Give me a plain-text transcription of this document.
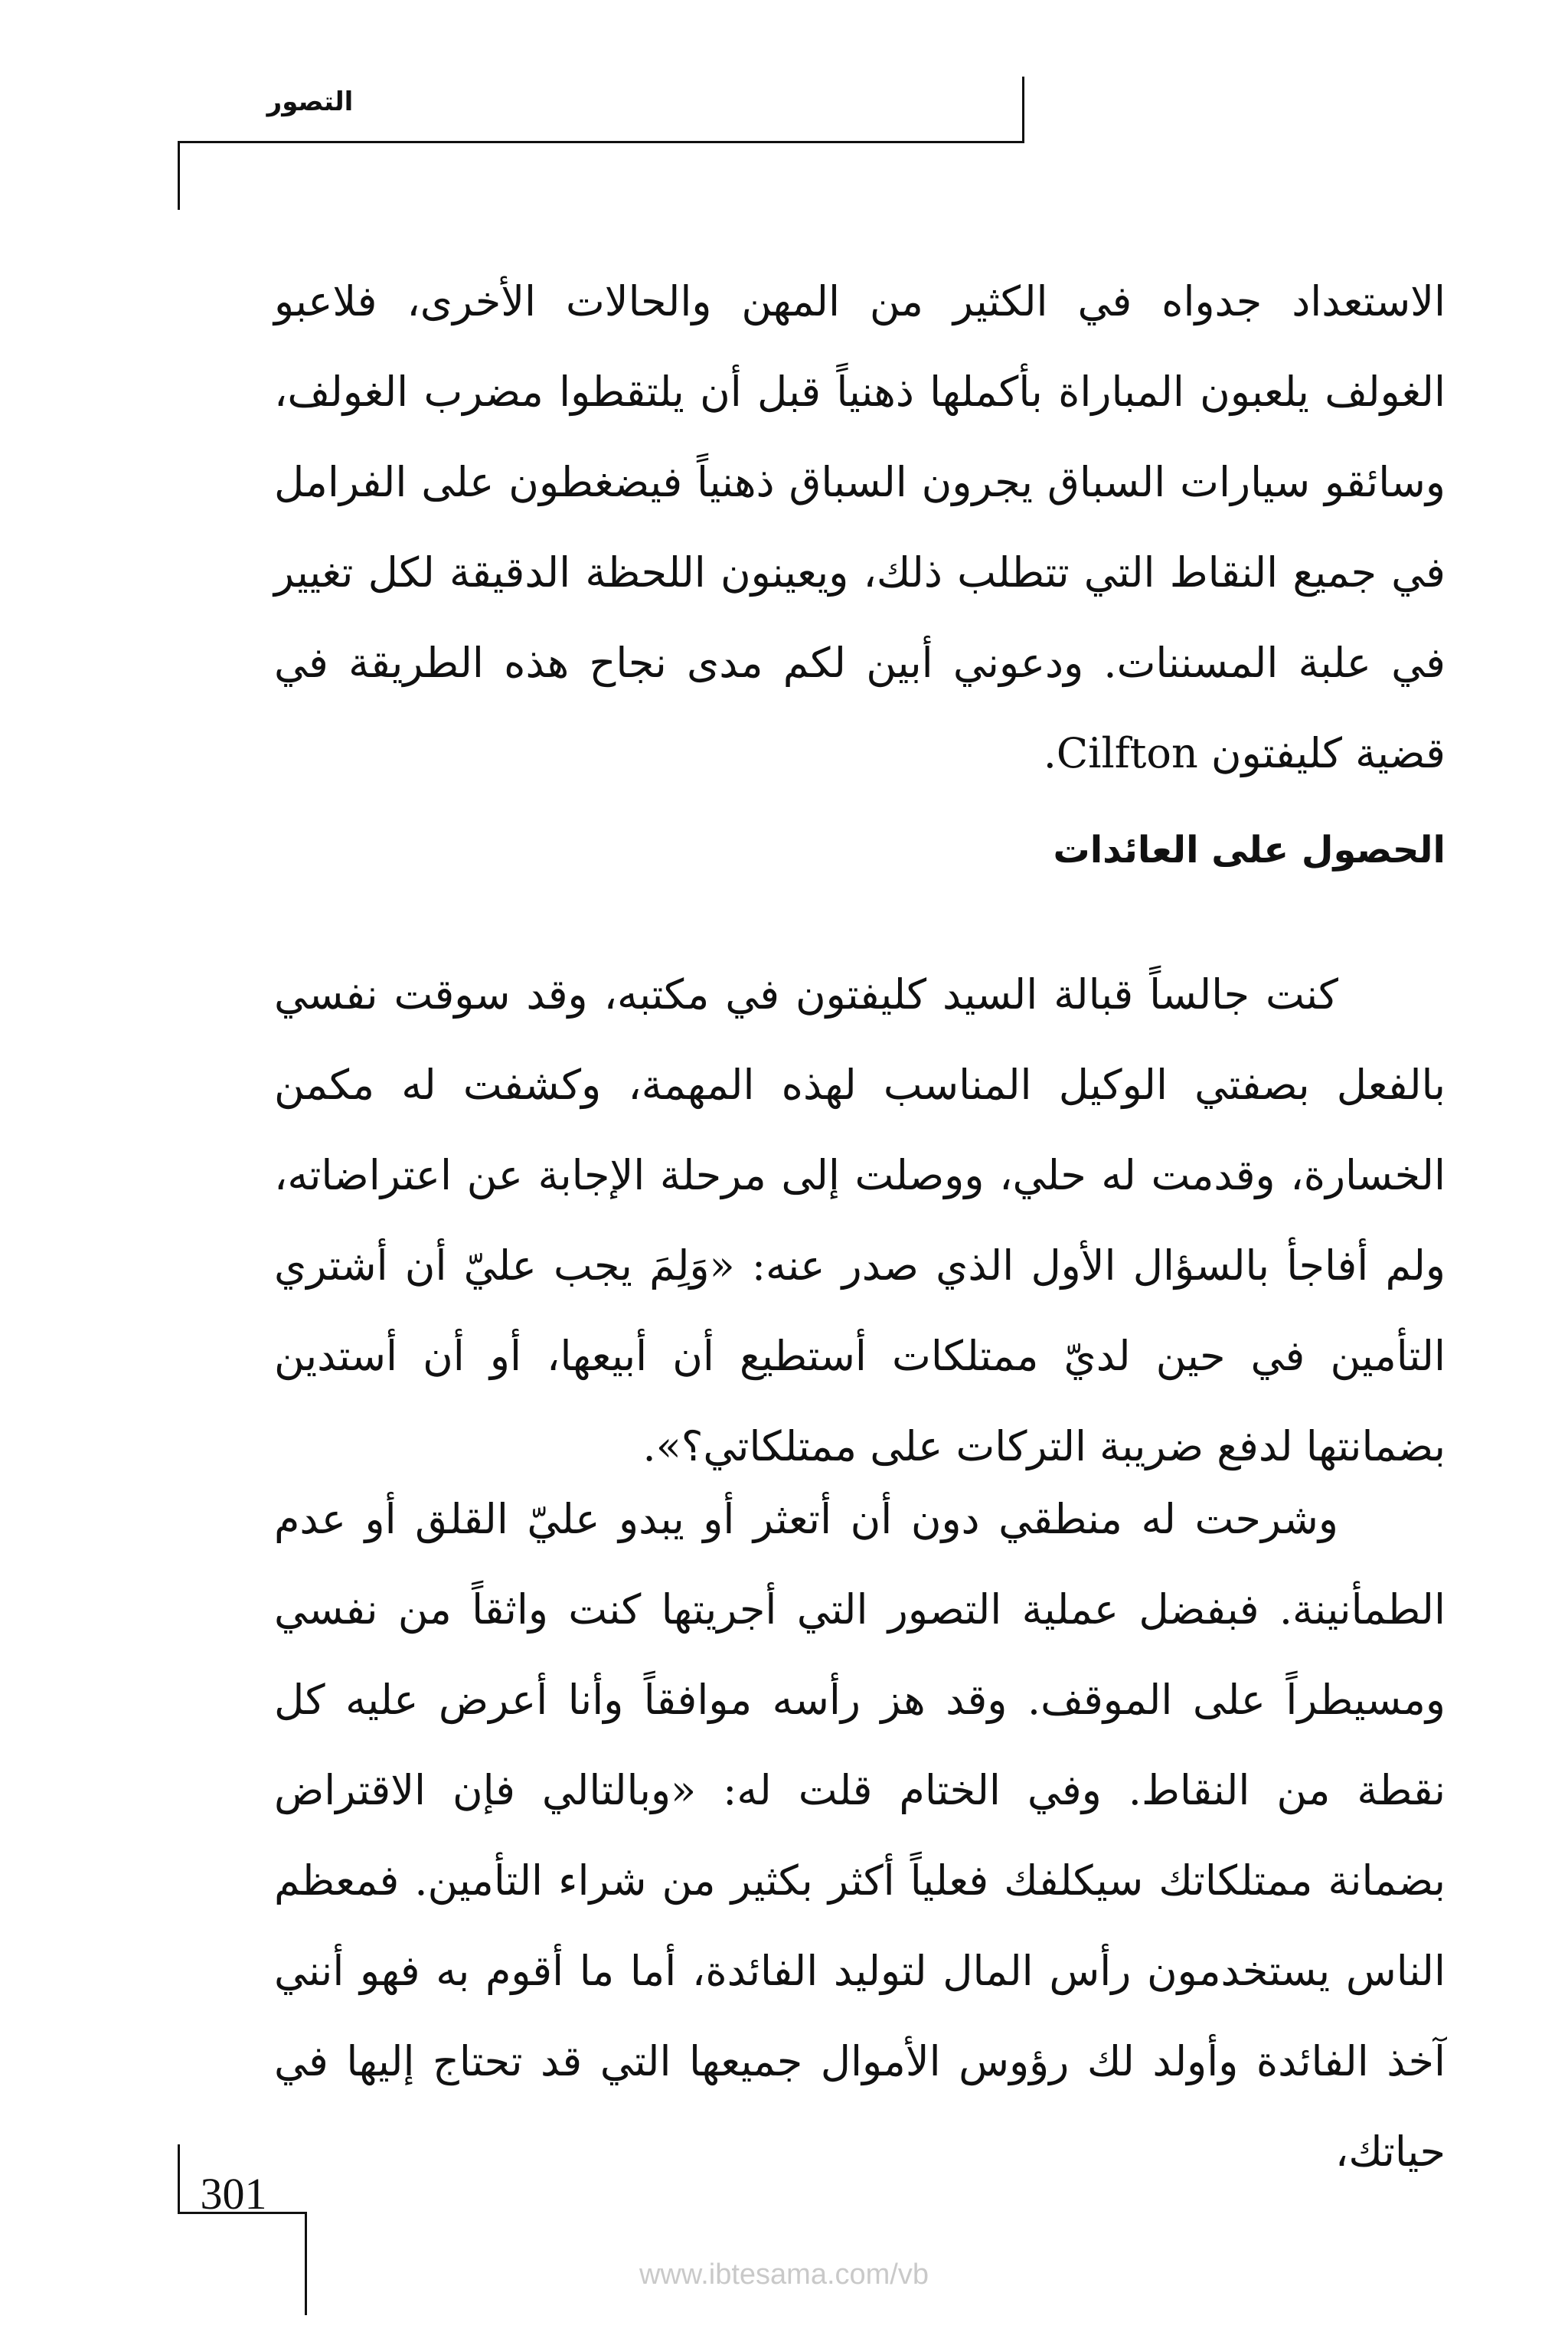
التصور

الاستعداد جدواه في الكثير من المهن والحالات الأخرى، فلاعبو الغولف يلعبون المباراة بأكملها ذهنياً قبل أن يلتقطوا مضرب الغولف، وسائقو سيارات السباق يجرون السباق ذهنياً فيضغطون على الفرامل في جميع النقاط التي تتطلب ذلك، ويعينون اللحظة الدقيقة لكل تغيير في علبة المسننات. ودعوني أبين لكم مدى نجاح هذه الطريقة في قضية كليفتون Cilfton.

الحصول على العائدات

كنت جالساً قبالة السيد كليفتون في مكتبه، وقد سوقت نفسي بالفعل بصفتي الوكيل المناسب لهذه المهمة، وكشفت له مكمن الخسارة، وقدمت له حلي، ووصلت إلى مرحلة الإجابة عن اعتراضاته، ولم أفاجأ بالسؤال الأول الذي صدر عنه: «وَلِمَ يجب عليّ أن أشتري التأمين في حين لديّ ممتلكات أستطيع أن أبيعها، أو أن أستدين بضمانتها لدفع ضريبة التركات على ممتلكاتي؟».

وشرحت له منطقي دون أن أتعثر أو يبدو عليّ القلق أو عدم الطمأنينة. فبفضل عملية التصور التي أجريتها كنت واثقاً من نفسي ومسيطراً على الموقف. وقد هز رأسه موافقاً وأنا أعرض عليه كل نقطة من النقاط. وفي الختام قلت له: «وبالتالي فإن الاقتراض بضمانة ممتلكاتك سيكلفك فعلياً أكثر بكثير من شراء التأمين. فمعظم الناس يستخدمون رأس المال لتوليد الفائدة، أما ما أقوم به فهو أنني آخذ الفائدة وأولد لك رؤوس الأموال جميعها التي قد تحتاج إليها في حياتك،

301
www.ibtesama.com/vb
